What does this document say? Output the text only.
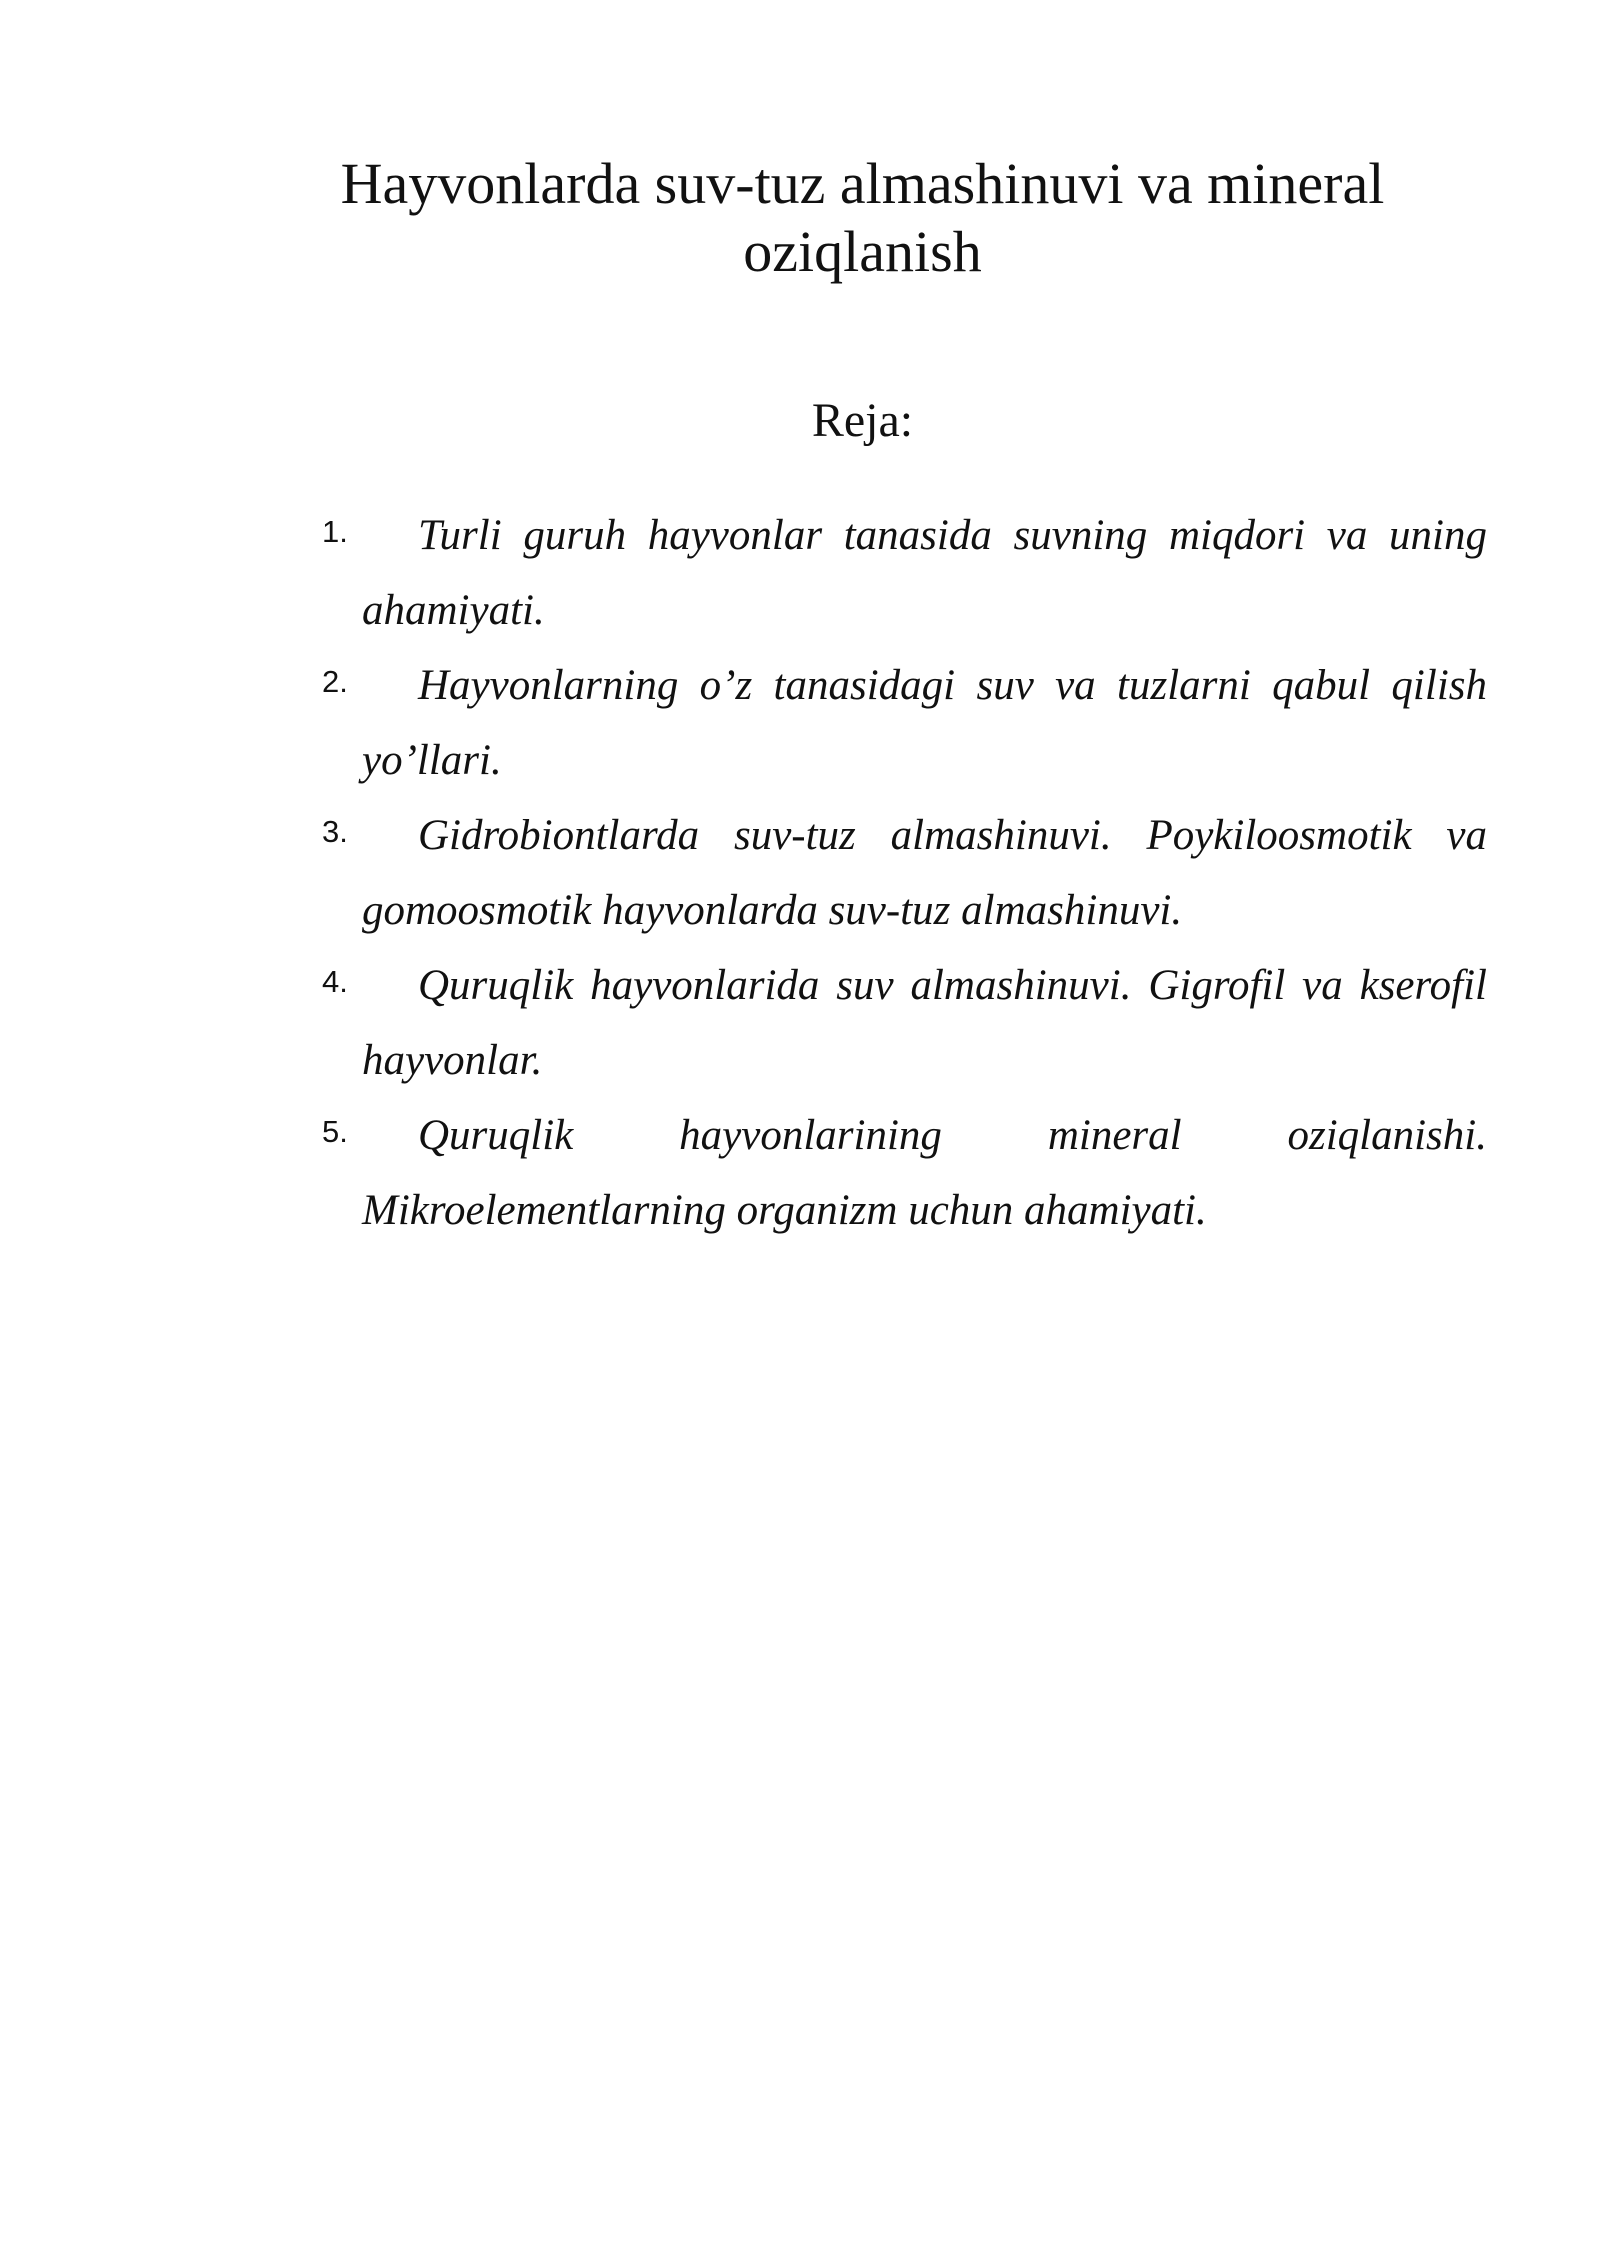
Hayvonlarda suv-tuz almashinuvi va mineral oziqlanish

Reja:

1.	Turli guruh hayvonlar tanasida suvning miqdori va uning ahamiyati.
2.	Hayvonlarning o’z tanasidagi suv va tuzlarni qabul qilish yo’llari.
3.	Gidrobiontlarda suv-tuz almashinuvi. Poykiloosmotik va gomoosmotik hayvonlarda suv-tuz almashinuvi.
4.	Quruqlik hayvonlarida suv almashinuvi. Gigrofil va kserofil hayvonlar.
5.	Quruqlik hayvonlarining mineral oziqlanishi. Mikroelementlarning organizm uchun ahamiyati.
